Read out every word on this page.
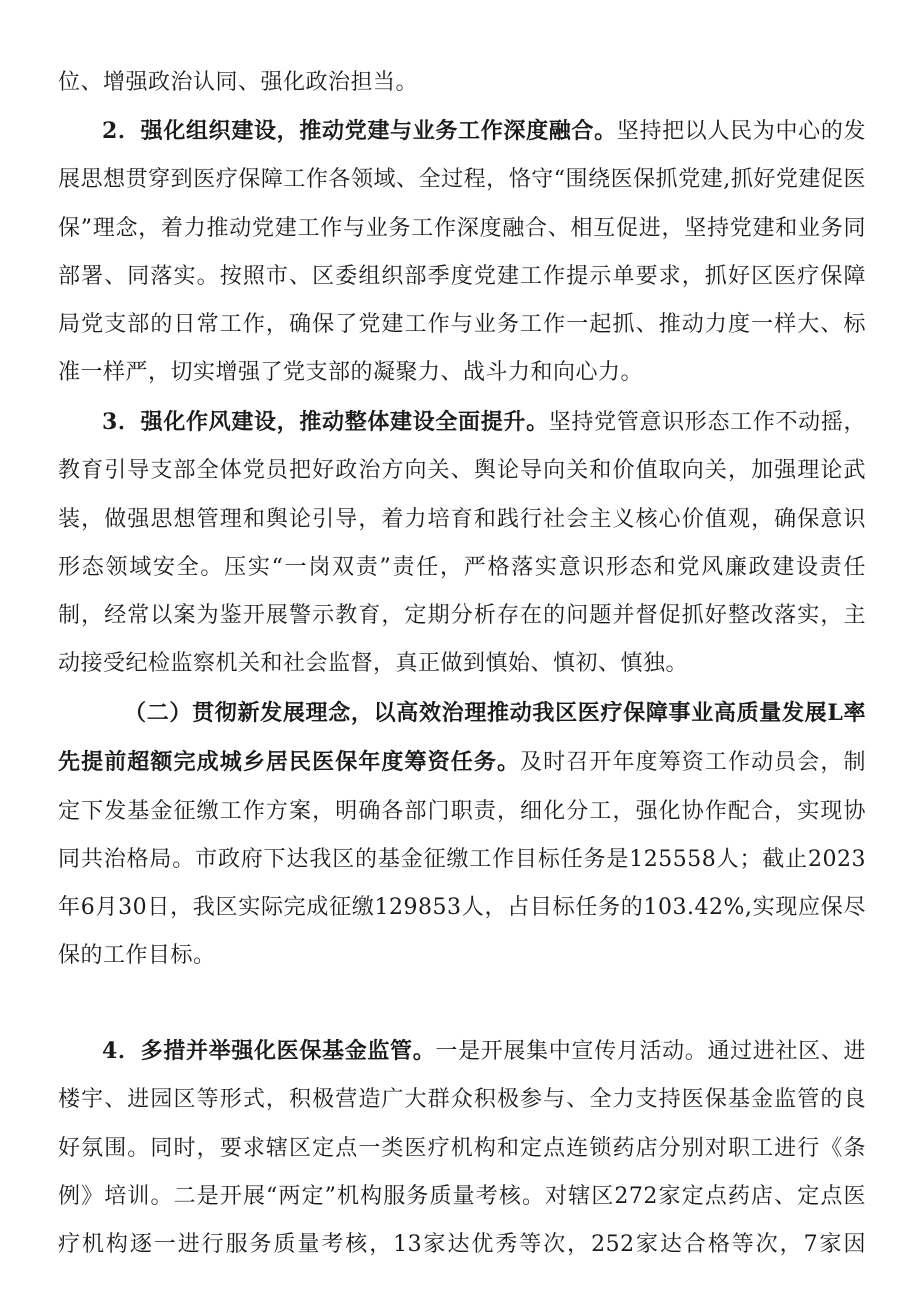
位、增强政治认同、强化政治担当。

2．强化组织建设，推动党建与业务工作深度融合。坚持把以人民为中心的发展思想贯穿到医疗保障工作各领域、全过程，恪守“围绕医保抓党建,抓好党建促医保”理念，着力推动党建工作与业务工作深度融合、相互促进，坚持党建和业务同部署、同落实。按照市、区委组织部季度党建工作提示单要求，抓好区医疗保障局党支部的日常工作，确保了党建工作与业务工作一起抓、推动力度一样大、标准一样严，切实增强了党支部的凝聚力、战斗力和向心力。

3．强化作风建设，推动整体建设全面提升。坚持党管意识形态工作不动摇，教育引导支部全体党员把好政治方向关、舆论导向关和价值取向关，加强理论武装，做强思想管理和舆论引导，着力培育和践行社会主义核心价值观，确保意识形态领域安全。压实“一岗双责”责任，严格落实意识形态和党风廉政建设责任制，经常以案为鉴开展警示教育，定期分析存在的问题并督促抓好整改落实，主动接受纪检监察机关和社会监督，真正做到慎始、慎初、慎独。

（二）贯彻新发展理念，以高效治理推动我区医疗保障事业高质量发展L率先提前超额完成城乡居民医保年度筹资任务。及时召开年度筹资工作动员会，制定下发基金征缴工作方案，明确各部门职责，细化分工，强化协作配合，实现协同共治格局。市政府下达我区的基金征缴工作目标任务是125558人；截止2023年6月30日，我区实际完成征缴129853人，占目标任务的103.42%,实现应保尽保的工作目标。

4．多措并举强化医保基金监管。一是开展集中宣传月活动。通过进社区、进楼宇、进园区等形式，积极营造广大群众积极参与、全力支持医保基金监管的良好氛围。同时，要求辖区定点一类医疗机构和定点连锁药店分别对职工进行《条例》培训。二是开展“两定”机构服务质量考核。对辖区272家定点药店、定点医疗机构逐一进行服务质量考核，13家达优秀等次，252家达合格等次，7家因
